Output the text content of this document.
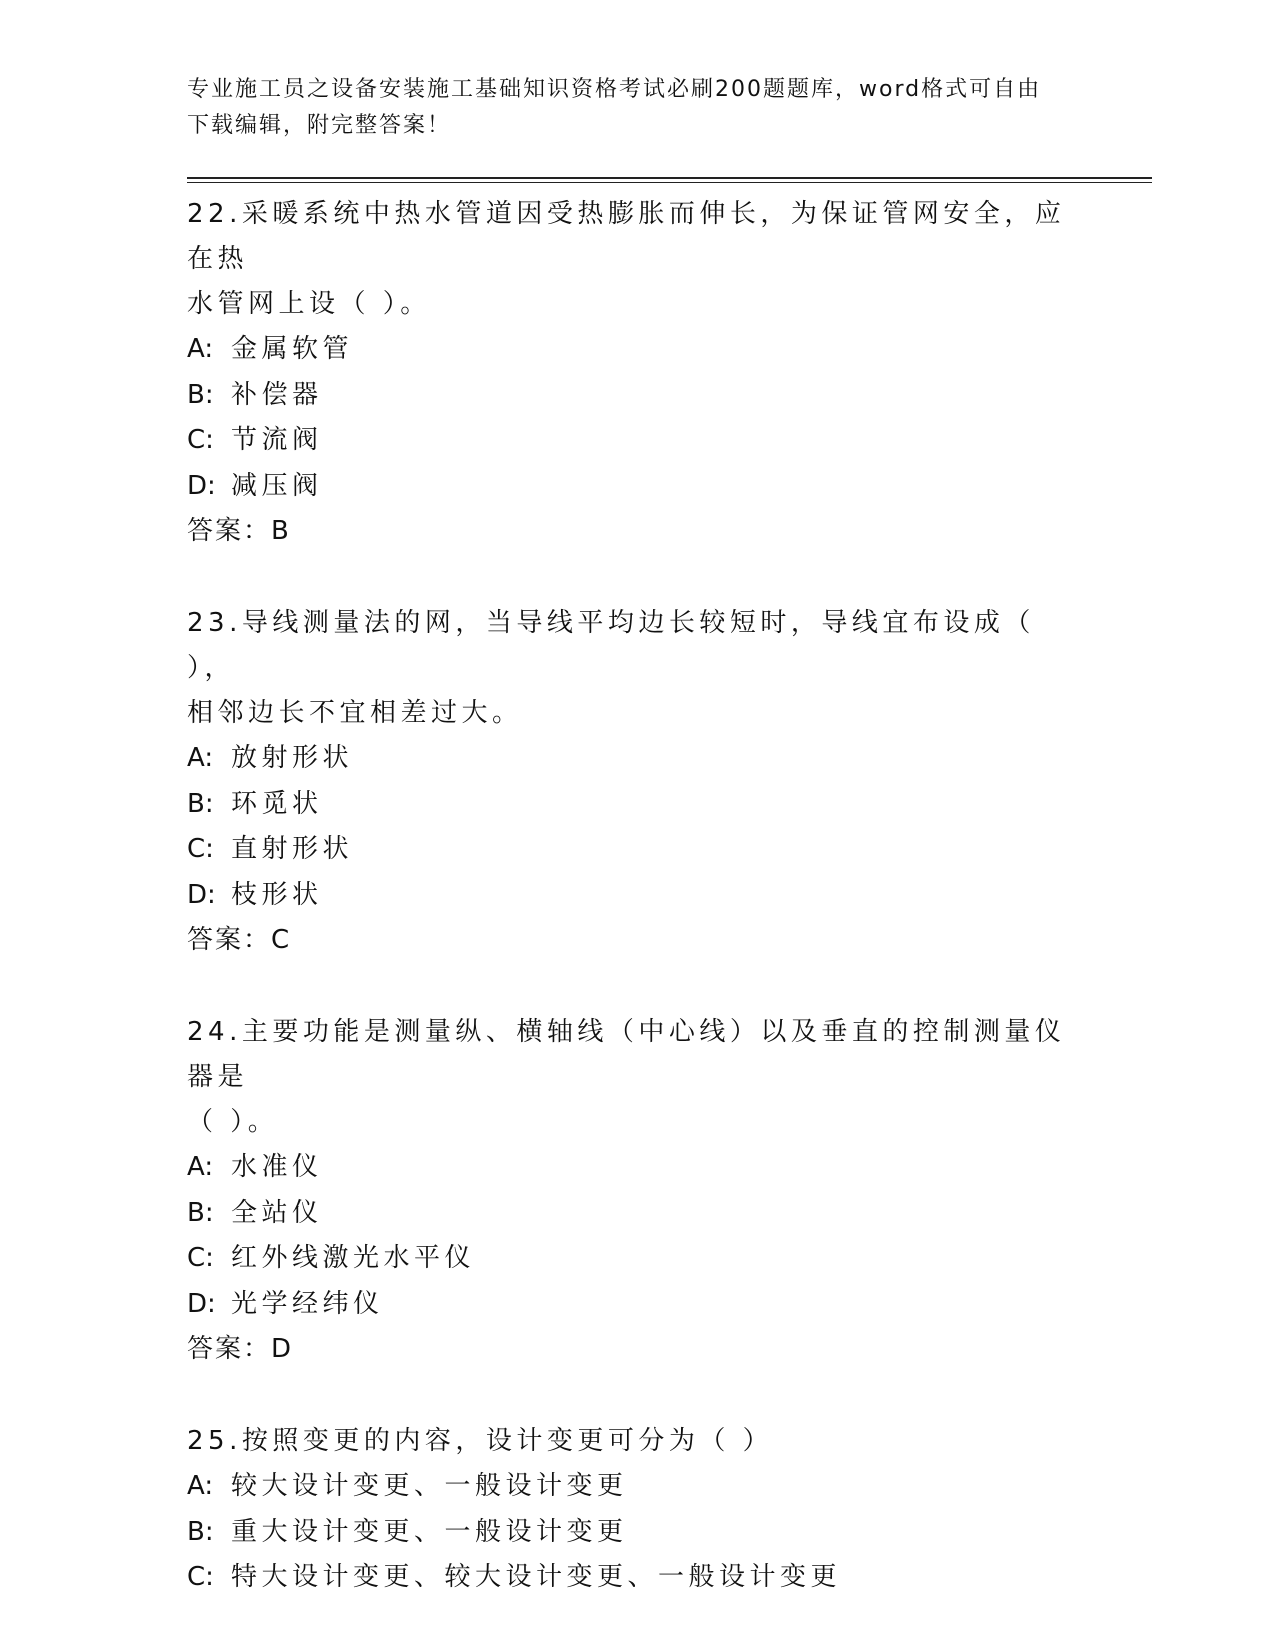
专业施工员之设备安装施工基础知识资格考试必刷200题题库，word格式可自由
下载编辑，附完整答案！
22.采暖系统中热水管道因受热膨胀而伸长，为保证管网安全，应在热
水管网上设（ ）。
A: 金属软管
B: 补偿器
C: 节流阀
D: 减压阀
答案：B
23.导线测量法的网，当导线平均边长较短时，导线宜布设成（ ），
相邻边长不宜相差过大。
A: 放射形状
B: 环觅状
C: 直射形状
D: 枝形状
答案：C
24.主要功能是测量纵、横轴线（中心线）以及垂直的控制测量仪器是
（ ）。
A: 水准仪
B: 全站仪
C: 红外线激光水平仪
D: 光学经纬仪
答案：D
25.按照变更的内容，设计变更可分为（ ）
A: 较大设计变更、一般设计变更
B: 重大设计变更、一般设计变更
C: 特大设计变更、较大设计变更、一般设计变更
